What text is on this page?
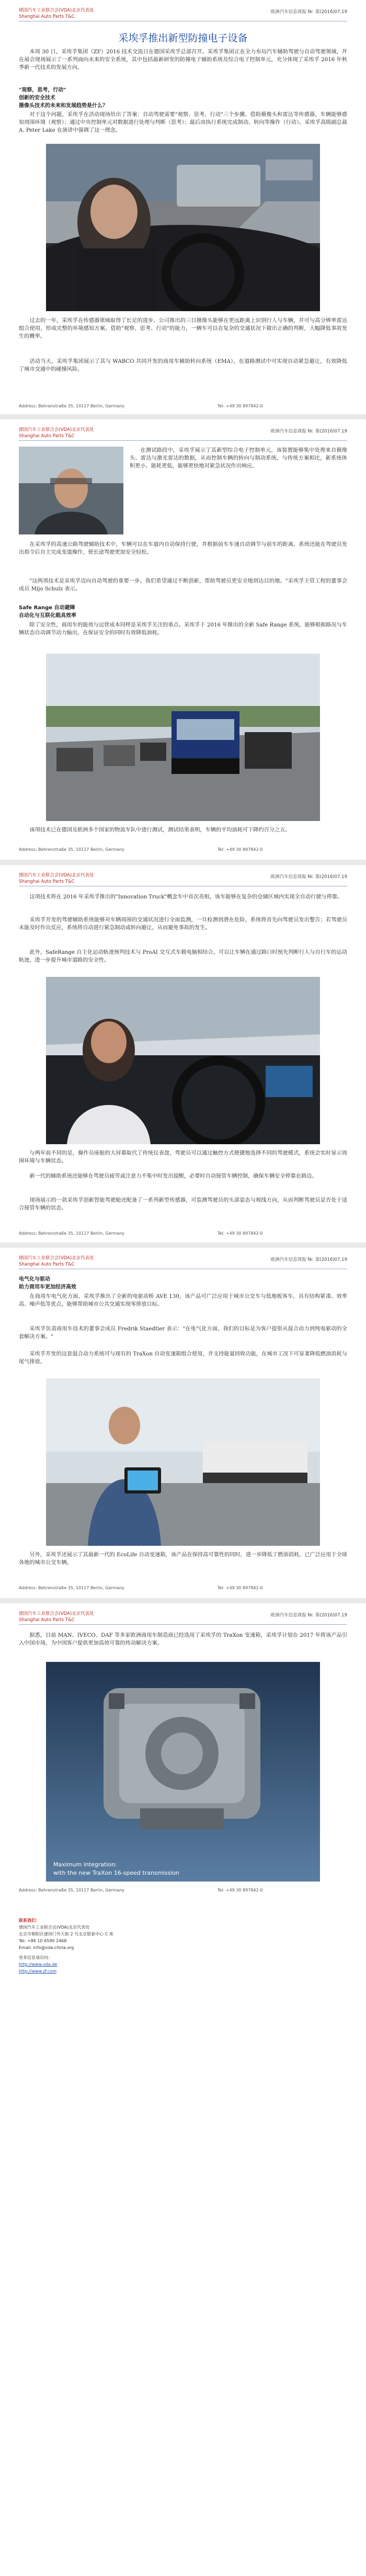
德国汽车工业联合会(VDA)北京代表处
Shanghai Auto Parts T&C
欧洲汽车信息周报 Nr. 第(2016)07.19
采埃孚推出新型防撞电子设备

本周 30 日，采埃孚集团（ZF）2016 技术交流日在德国采埃孚总部召开。采埃孚集团正在全力布局汽车辅助驾驶与自动驾驶领域，并在展会现场展示了一系列面向未来的安全系统，其中包括最新研发的防撞电子辅助系统及综合电子控制单元，充分体现了采埃孚 2016 年秋季新一代技术的发展方向。

"观察，思考，行动"
创新的安全技术
摄像头技术的未来和发展趋势是什么？

对于这个问题，采埃孚在活动现场给出了答案：自动驾驶需要"观察、思考、行动"三个步骤。借助摄像头和雷达等传感器，车辆能够感知周围环境（观察）；通过中央控制单元对数据进行处理与判断（思考）；最后由执行系统完成制动、转向等操作（行动）。采埃孚高级副总裁 A. Peter Lake 在演讲中强调了这一理念。

过去的一年，采埃孚在传感器领域取得了长足的进步。公司推出的三目摄像头能够在更远距离上识别行人与车辆，并可与高分辨率雷达组合使用，形成完整的环境感知方案。借助"观察、思考、行动"的能力，一辆车可以在复杂的交通状况下做出正确的判断，大幅降低事故发生的概率。

活动当天，采埃孚集团展示了其与 WABCO 共同开发的商用车辅助转向系统（EMA），在道路测试中可实现自动紧急避让，有效降低了城市交通中的碰撞风险。

Address: Behrenstraße 35, 10117 Berlin, Germany	Tel: +49 30 897842-0
德国汽车工业联合会(VDA)北京代表处
Shanghai Auto Parts T&C
欧洲汽车信息周报 Nr. 第(2016)07.19

在测试路段中，采埃孚展示了其新型综合电子控制单元，该装置能够集中处理来自摄像头、雷达与激光雷达的数据，从而控制车辆的转向与制动系统。与传统方案相比，新系统体积更小、能耗更低，能够更快地对紧急状况作出响应。

在采埃孚的高速公路驾驶辅助技术中，车辆可以在车道内自动保持行驶，并根据前车车速自动调节与前车的距离。系统还能在驾驶员发出指令后自主完成变道操作，使长途驾驶更加安全轻松。

"这两项技术是采埃孚迈向自动驾驶的重要一步。我们希望通过不断创新，帮助驾驶员更安全地到达目的地。"采埃孚主管工程的董事会成员 Mijo Schulz 表示。

Safe Range 自动避障
自动化与互联化载具效率

除了安全性，商用车的能效与运营成本同样是采埃孚关注的重点。采埃孚于 2016 年推出的全新 Safe Range 系统，能够根据路况与车辆状态自动调节动力输出，在保证安全的同时有效降低油耗。

该项技术已在德国及欧洲多个国家的物流车队中进行测试，测试结果表明，车辆的平均油耗可下降约百分之五。

Address: Behrenstraße 35, 10117 Berlin, Germany	Tel: +49 30 897842-0
德国汽车工业联合会(VDA)北京代表处
Shanghai Auto Parts T&C
欧洲汽车信息周报 Nr. 第(2016)07.19

这项技术将在 2016 年采埃孚推出的"Innovation Truck"概念车中首次亮相，该车能够在复杂的仓储区域内实现全自动行驶与停靠。

采埃孚开发的驾驶辅助系统能够对车辆周围的交通状况进行全面监测，一旦检测到潜在危险，系统将首先向驾驶员发出警告；若驾驶员未能及时作出反应，系统将自动进行紧急制动或转向避让，从而避免事故的发生。

此外，SafeRange 自主化运动轨迹预判技术与 ProAI 交互式车载电脑相结合，可以让车辆在通过路口时预先判断行人与自行车的运动轨迹，进一步提升城市道路的安全性。

与两年前不同的是，操作员座舱的大屏幕取代了传统仪表盘，驾驶员可以通过触控方式便捷地选择不同的驾驶模式，系统会实时显示周围环境与车辆状态。

新一代的辅助系统还能够在驾驶员疲劳或注意力不集中时发出提醒，必要时自动接管车辆控制，确保车辆安全停靠在路边。

现场展示的一款采埃孚创新智能驾驶舱还配备了一系列新型传感器，可监测驾驶员的头部姿态与视线方向，从而判断驾驶员是否处于适合接管车辆的状态。

Address: Behrenstraße 35, 10117 Berlin, Germany	Tel: +49 30 897842-0
德国汽车工业联合会(VDA)北京代表处
Shanghai Auto Parts T&C
欧洲汽车信息周报 Nr. 第(2016)07.19
电气化与驱动
助力商用车更加经济高效

在商用车电气化方面，采埃孚推出了全新的电驱动桥 AVE 130，该产品可广泛应用于城市公交车与低地板客车，具有结构紧凑、效率高、噪声低等优点，能够帮助城市公共交通实现零排放目标。

采埃孚负责商用车技术的董事会成员 Fredrik Staedtler 表示："在电气化方面，我们的目标是为客户提供从混合动力到纯电驱动的全套解决方案。"

采埃孚开发的这套混合动力系统可与现有的 TraXon 自动变速箱组合使用，并支持能量回收功能，在城市工况下可显著降低燃油消耗与尾气排放。

另外，采埃孚还展示了其最新一代的 EcoLife 自动变速箱，该产品在保持高可靠性的同时，进一步降低了燃油消耗，已广泛应用于全球各地的城市公交车辆。

Address: Behrenstraße 35, 10117 Berlin, Germany	Tel: +49 30 897842-0
德国汽车工业联合会(VDA)北京代表处
Shanghai Auto Parts T&C
欧洲汽车信息周报 Nr. 第(2016)07.19

据悉，目前 MAN、IVECO、DAF 等多家欧洲商用车制造商已经选用了采埃孚的 TraXon 变速箱，采埃孚计划在 2017 年将该产品引入中国市场，为中国客户提供更加高效可靠的传动解决方案。

Maximum integration:
with the new TraXon 16-speed transmission
Address: Behrenstraße 35, 10117 Berlin, Germany	Tel: +49 30 897842-0
联系我们：
德国汽车工业联合会(VDA)北京代表处
北京市朝阳区建国门外大街 2 号北京银泰中心 C 座
Tel: +86 10 6590 2468
Email: info@vda-china.org
更多信息请访问：
http://www.vda.de
http://www.zf.com
